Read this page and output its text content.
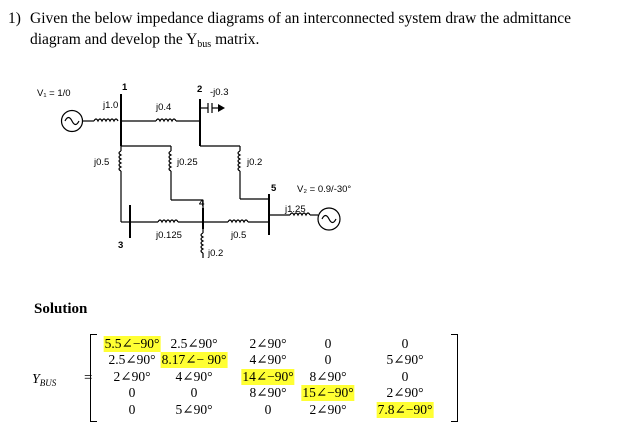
1) Given the below impedance diagrams of an interconnected system draw the admittance diagram and develop the $Y_{bus}$ matrix.
V₁ = 1/0
1
j1.0	j0.4
2 -j0.3
j0.5	j0.25	j0.2
5 V₂ = 0.9/-30°
j1.25
4
j0.125	j0.5
j0.2
3
Solution
$Y_{BUS}$ =
5.5∠−90° 2.5∠90° 2∠90°	0	0
2.5∠90° 8.17∠− 90° 4∠90°	0	5∠90°
2∠90° 4∠90° 14∠−90° 8∠90°	0
0	0	8∠90° 15∠−90° 2∠90°
0	5∠90°	0	2∠90° 7.8∠−90°
